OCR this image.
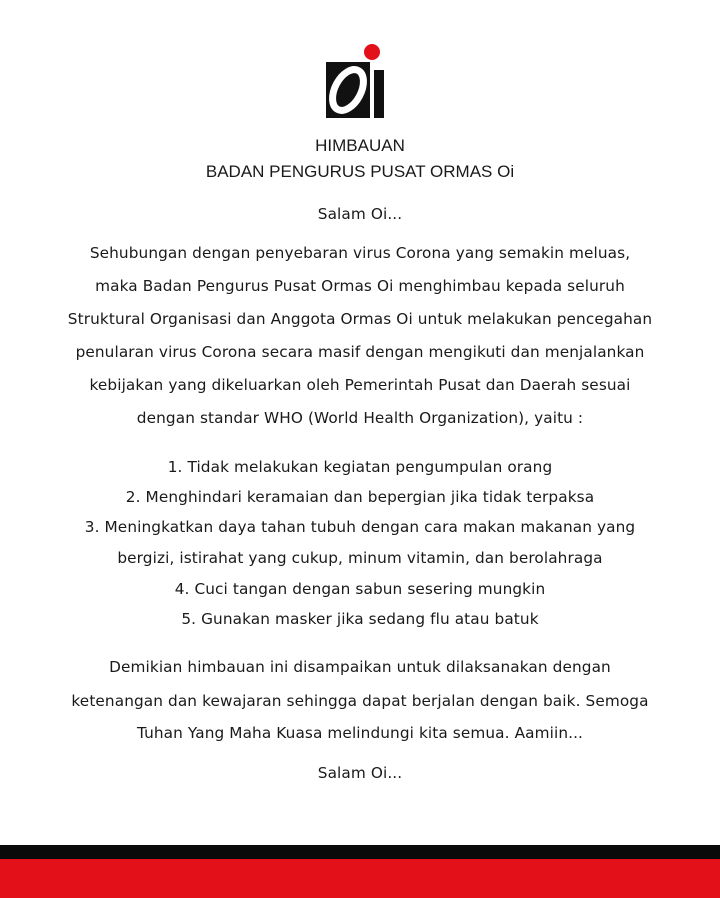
HIMBAUAN
BADAN PENGURUS PUSAT ORMAS Oi
Salam Oi...
Sehubungan dengan penyebaran virus Corona yang semakin meluas,
maka Badan Pengurus Pusat Ormas Oi menghimbau kepada seluruh
Struktural Organisasi dan Anggota Ormas Oi untuk melakukan pencegahan
penularan virus Corona secara masif dengan mengikuti dan menjalankan
kebijakan yang dikeluarkan oleh Pemerintah Pusat dan Daerah sesuai
dengan standar WHO (World Health Organization), yaitu :
1. Tidak melakukan kegiatan pengumpulan orang
2. Menghindari keramaian dan bepergian jika tidak terpaksa
3. Meningkatkan daya tahan tubuh dengan cara makan makanan yang
bergizi, istirahat yang cukup, minum vitamin, dan berolahraga
4. Cuci tangan dengan sabun sesering mungkin
5. Gunakan masker jika sedang flu atau batuk
Demikian himbauan ini disampaikan untuk dilaksanakan dengan
ketenangan dan kewajaran sehingga dapat berjalan dengan baik. Semoga
Tuhan Yang Maha Kuasa melindungi kita semua. Aamiin...
Salam Oi...
